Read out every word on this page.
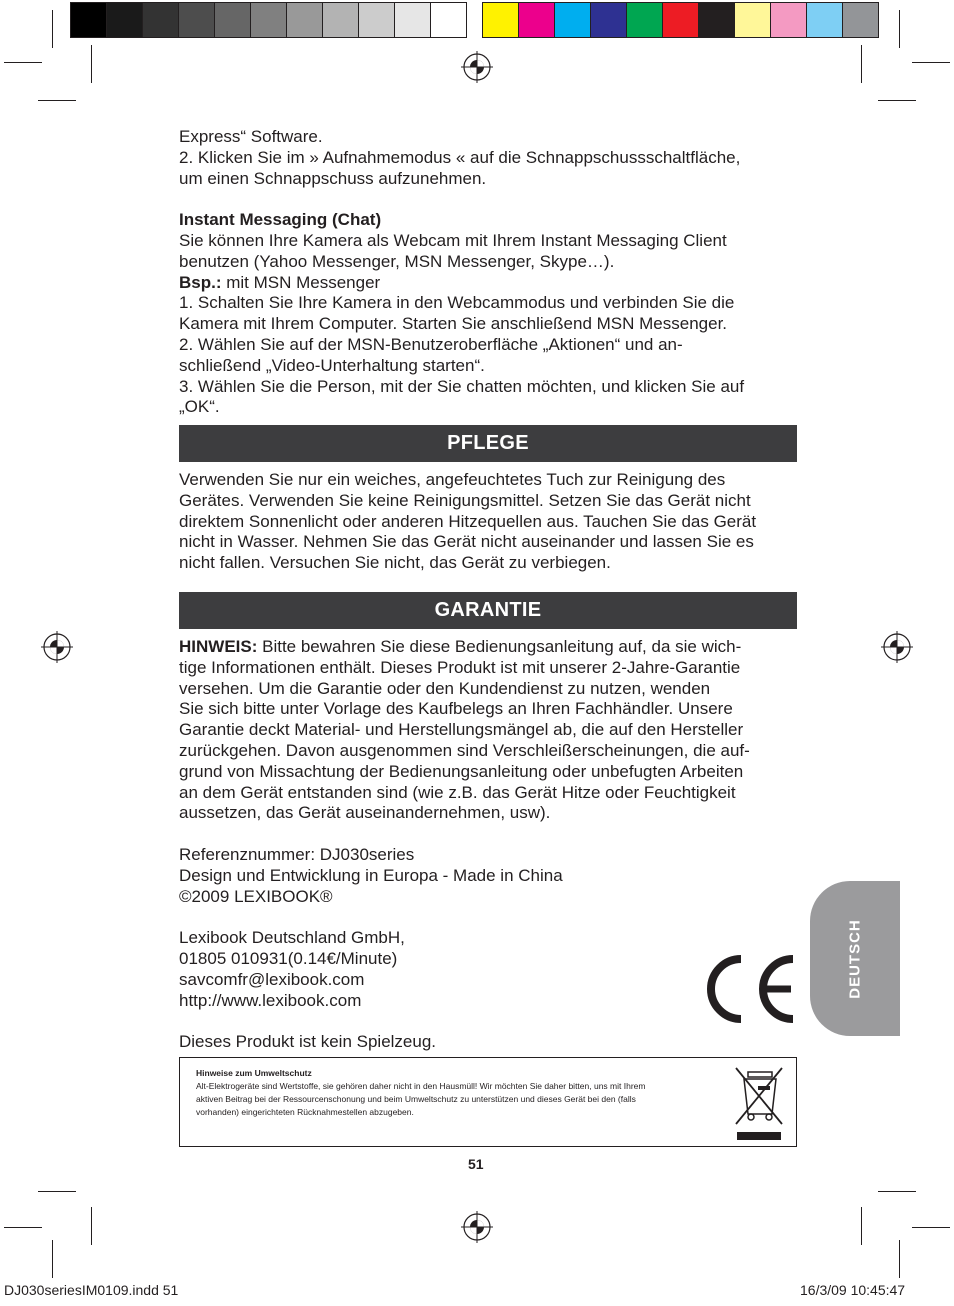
Express“ Software.

2. Klicken Sie im » Aufnahmemodus « auf die Schnappschussschaltfläche,

um einen Schnappschuss aufzunehmen.

Instant Messaging (Chat)

Sie können Ihre Kamera als Webcam mit Ihrem Instant Messaging Client

benutzen (Yahoo Messenger, MSN Messenger, Skype…).

Bsp.: mit MSN Messenger

1. Schalten Sie Ihre Kamera in den Webcammodus und verbinden Sie die

Kamera mit Ihrem Computer. Starten Sie anschließend MSN Messenger.

2. Wählen Sie auf der MSN-Benutzeroberfläche „Aktionen“ und an-

schließend „Video-Unterhaltung starten“.

3. Wählen Sie die Person, mit der Sie chatten möchten, und klicken Sie auf

„OK“.

PFLEGE

Verwenden Sie nur ein weiches, angefeuchtetes Tuch zur Reinigung des

Gerätes. Verwenden Sie keine Reinigungsmittel. Setzen Sie das Gerät nicht

direktem Sonnenlicht oder anderen Hitzequellen aus. Tauchen Sie das Gerät

nicht in Wasser. Nehmen Sie das Gerät nicht auseinander und lassen Sie es

nicht fallen. Versuchen Sie nicht, das Gerät zu verbiegen.

GARANTIE

HINWEIS: Bitte bewahren Sie diese Bedienungsanleitung auf, da sie wich-

tige Informationen enthält. Dieses Produkt ist mit unserer 2-Jahre-Garantie

versehen. Um die Garantie oder den Kundendienst zu nutzen, wenden

Sie sich bitte unter Vorlage des Kaufbelegs an Ihren Fachhändler. Unsere

Garantie deckt Material- und Herstellungsmängel ab, die auf den Hersteller

zurückgehen. Davon ausgenommen sind Verschleißerscheinungen, die auf-

grund von Missachtung der Bedienungsanleitung oder unbefugten Arbeiten

an dem Gerät entstanden sind (wie z.B. das Gerät Hitze oder Feuchtigkeit

aussetzen, das Gerät auseinandernehmen, usw).

Referenznummer: DJ030series

Design und Entwicklung in Europa - Made in China

©2009 LEXIBOOK®

Lexibook Deutschland GmbH,

01805 010931(0.14€/Minute)

savcomfr@lexibook.com

http://www.lexibook.com

Dieses Produkt ist kein Spielzeug.

DEUTSCH
Hinweise zum Umweltschutz
Alt-Elektrogeräte sind Wertstoffe, sie gehören daher nicht in den Hausmüll! Wir möchten Sie daher bitten, uns mit Ihrem
aktiven Beitrag bei der Ressourcenschonung und beim Umweltschutz zu unterstützen und dieses Gerät bei den (falls
vorhanden) eingerichteten Rücknahmestellen abzugeben.
51
DJ030seriesIM0109.indd 51	16/3/09 10:45:47
